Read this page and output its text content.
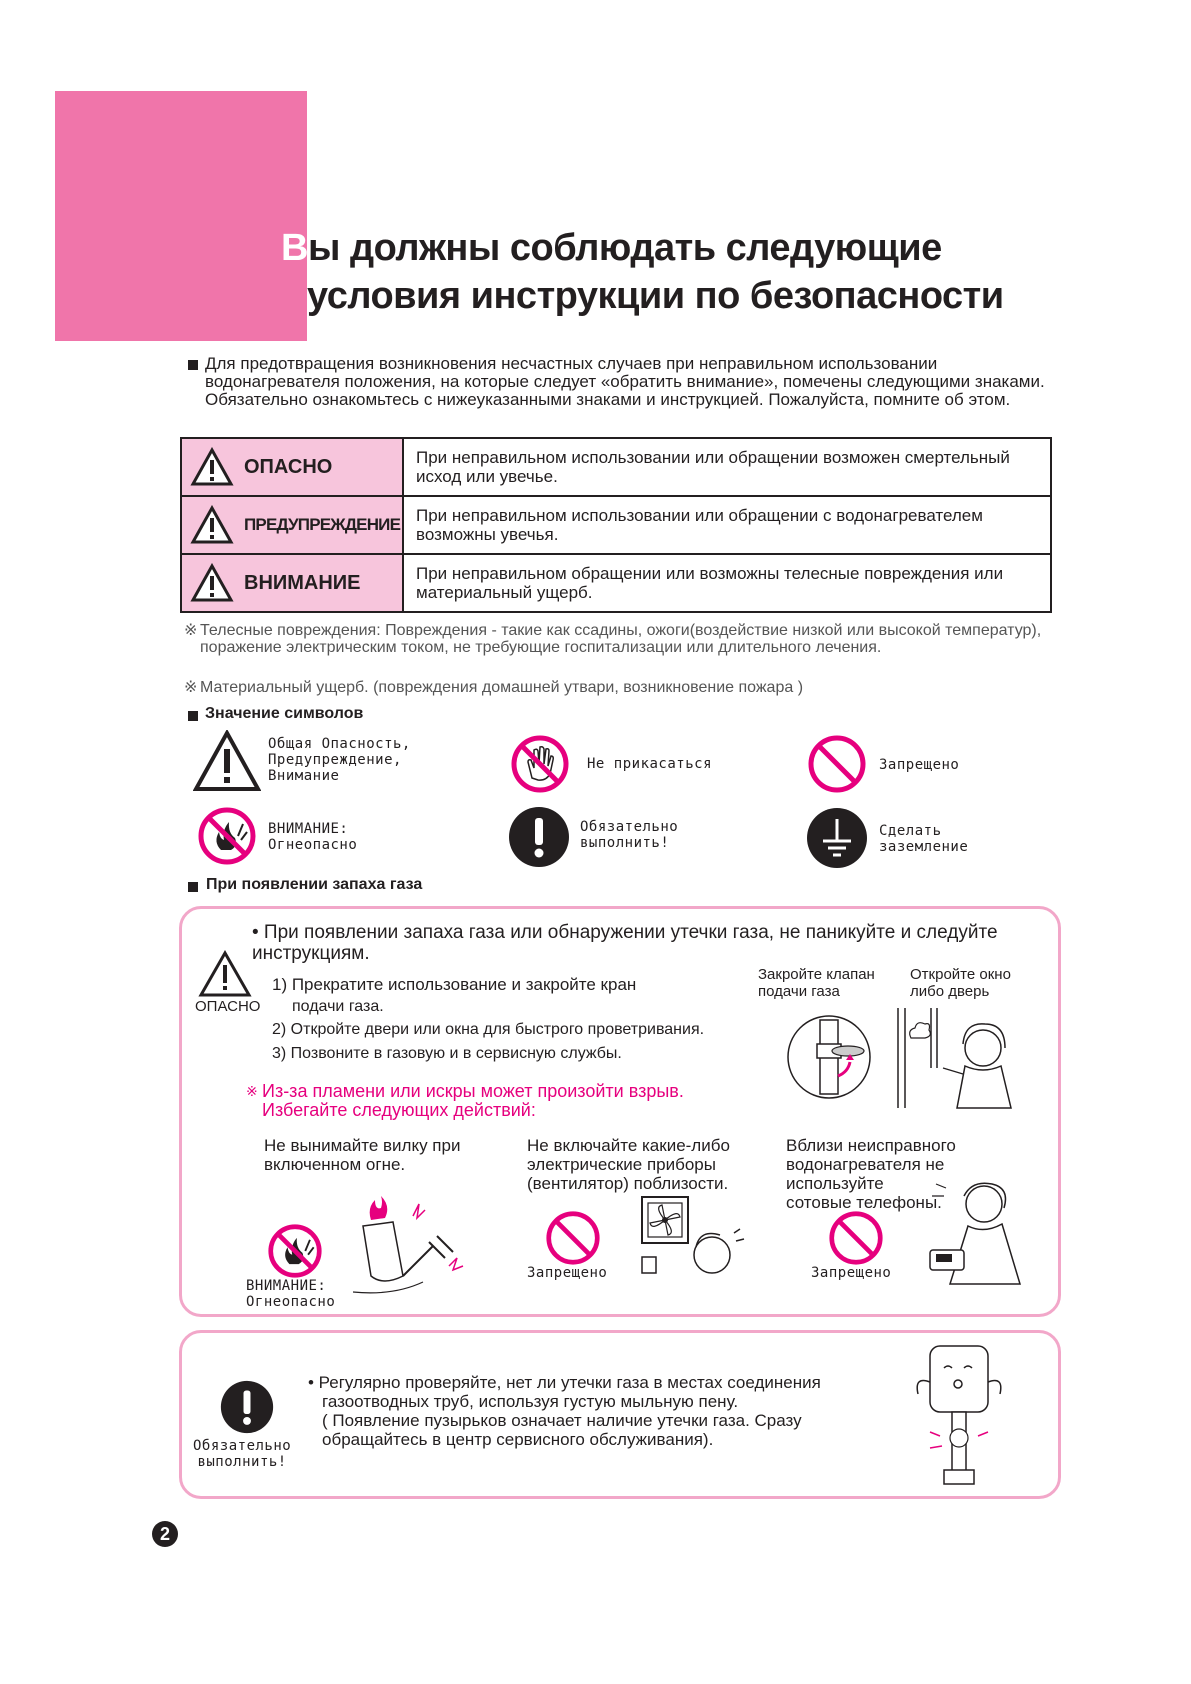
Вы должны соблюдать следующие
условия инструкции по безопасности
Для предотвращения возникновения несчастных случаев при неправильном использовании водонагревателя положения, на которые следует «обратить внимание», помечены следующими знаками. Обязательно ознакомьтесь с нижеуказанными знаками и инструкцией. Пожалуйста, помните об этом.
ОПАСНО	При неправильном использовании или обращении возможен смертельный исход или увечье.

ПРЕДУПРЕЖДЕНИЕ	При неправильном использовании или обращении с водонагревателем возможны увечья.

ВНИМАНИЕ	При неправильном обращении или возможны телесные повреждения или материальный ущерб.
※ Телесные повреждения: Повреждения - такие как ссадины, ожоги(воздействие низкой или высокой температур), поражение электрическим током, не требующие госпитализации или длительного лечения.
※ Материальный ущерб. (повреждения домашней утвари, возникновение пожара )
Значение символов
Общая Опасность,
Предупреждение,
Внимание
Не прикасаться	Запрещено
ВНИМАНИЕ:
Огнеопасно
Обязательно
выполнить!
Сделать
заземление
При появлении запаха газа
ОПАСНО
• При появлении запаха газа или обнаружении утечки газа, не паникуйте и следуйте инструкциям.
1) Прекратите использование и закройте кран
подачи газа.
2) Откройте двери или окна для быстрого проветривания.
3) Позвоните в газовую и в сервисную службы.
Закройте клапан
подачи газа
Откройте окно
либо дверь
※ Из-за пламени или искры может произойти взрыв.
Избегайте следующих действий:
Не вынимайте вилку при
включенном огне.
Не включайте какие-либо
электрические приборы
(вентилятор) поблизости.
Вблизи неисправного
водонагревателя не
используйте
сотовые телефоны.
ВНИМАНИЕ:
Огнеопасно
Запрещено	Запрещено
Обязательно
выполнить!
• Регулярно проверяйте, нет ли утечки газа в местах соединения
газоотводных труб, используя густую мыльную пену.
( Появление пузырьков означает наличие утечки газа. Сразу
обращайтесь в центр сервисного обслуживания).
2
